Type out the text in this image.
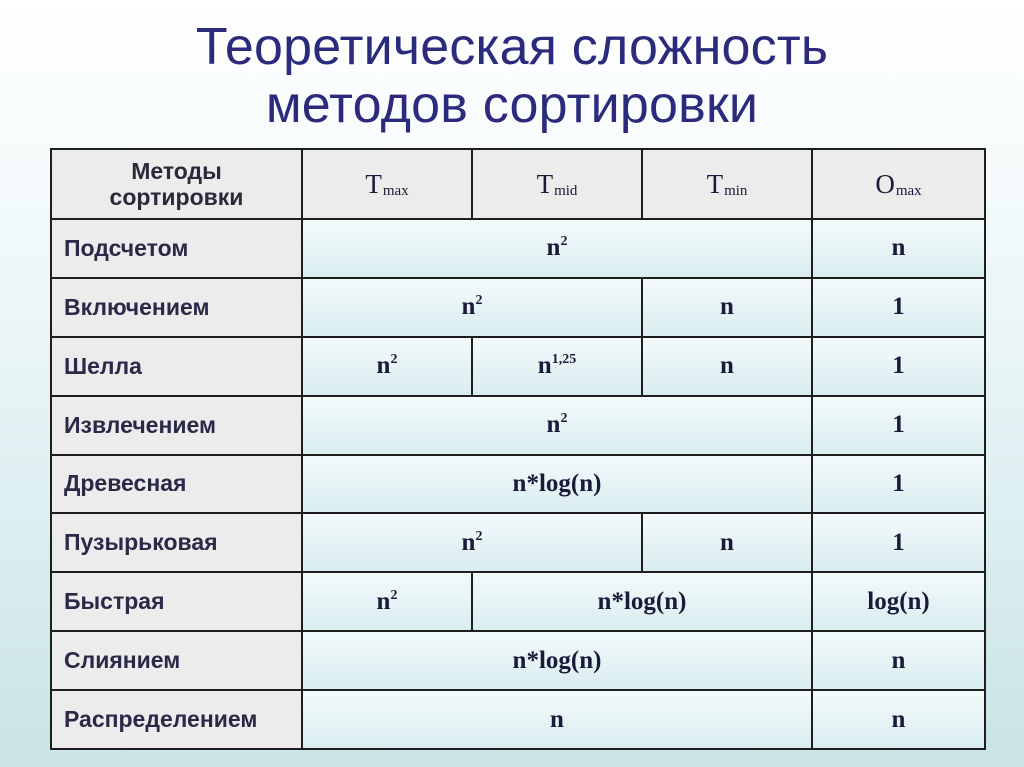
Теоретическая сложность
методов сортировки
Методы
сортировки	$T_{max}$	$T_{mid}$	$T_{min}$	$O_{max}$
Подсчетом	$n^2$			n
Включением	$n^2$		n	1
Шелла	$n^2$	$n^{1,25}$	n	1
Извлечением	$n^2$			1
Древесная	n*log(n)			1
Пузырьковая	$n^2$		n	1
Быстрая	$n^2$	n*log(n)		log(n)
Слиянием	n*log(n)			n
Распределением	n			n
